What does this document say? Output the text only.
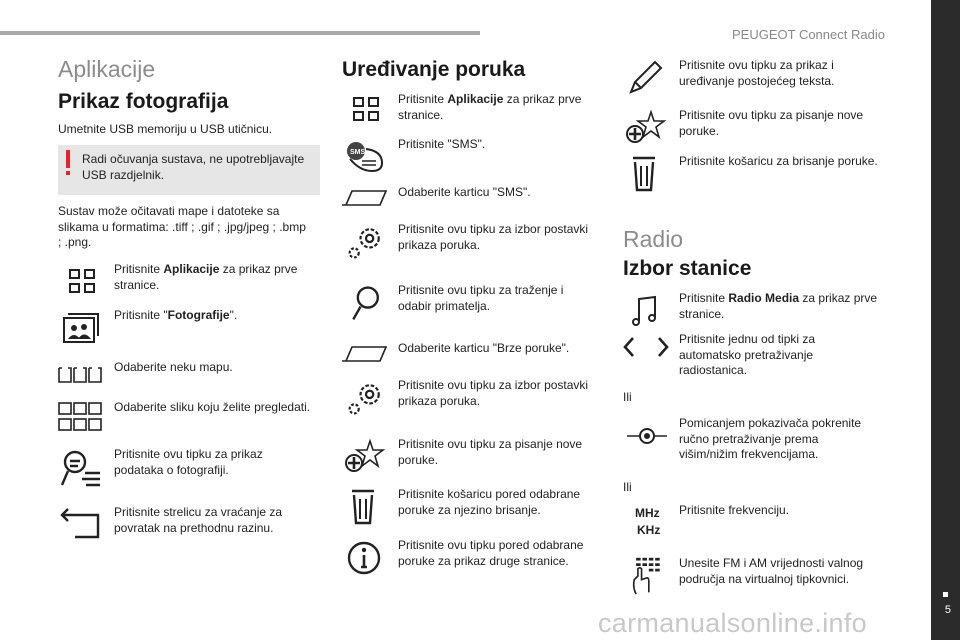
PEUGEOT Connect Radio
5
Aplikacije
Prikaz fotografija
Umetnite USB memoriju u USB utičnicu.
Radi očuvanja sustava, ne upotrebljavajte USB razdjelnik.
Sustav može očitavati mape i datoteke sa slikama u formatima: .tiff ; .gif ; .jpg/jpeg ; .bmp ; .png.
Pritisnite Aplikacije za prikaz prve stranice.
Pritisnite "Fotografije".
Odaberite neku mapu.
Odaberite sliku koju želite pregledati.
Pritisnite ovu tipku za prikaz podataka o fotografiji.
Pritisnite strelicu za vraćanje za povratak na prethodnu razinu.
Uređivanje poruka
Pritisnite Aplikacije za prikaz prve stranice.
SMS
Pritisnite "SMS".
Odaberite karticu "SMS".
Pritisnite ovu tipku za izbor postavki prikaza poruka.
Pritisnite ovu tipku za traženje i odabir primatelja.
Odaberite karticu "Brze poruke".
Pritisnite ovu tipku za izbor postavki prikaza poruka.
Pritisnite ovu tipku za pisanje nove poruke.
Pritisnite košaricu pored odabrane poruke za njezino brisanje.
Pritisnite ovu tipku pored odabrane poruke za prikaz druge stranice.
Pritisnite ovu tipku za prikaz i uređivanje postojećeg teksta.
Pritisnite ovu tipku za pisanje nove poruke.
Pritisnite košaricu za brisanje poruke.
Radio
Izbor stanice
Pritisnite Radio Media za prikaz prve stranice.
Pritisnite jednu od tipki za automatsko pretraživanje radiostanica.
Ili
Pomicanjem pokazivača pokrenite ručno pretraživanje prema višim/nižim frekvencijama.
Ili
MHz
KHz
Pritisnite frekvenciju.
Unesite FM i AM vrijednosti valnog područja na virtualnoj tipkovnici.
carmanualsonline.info
